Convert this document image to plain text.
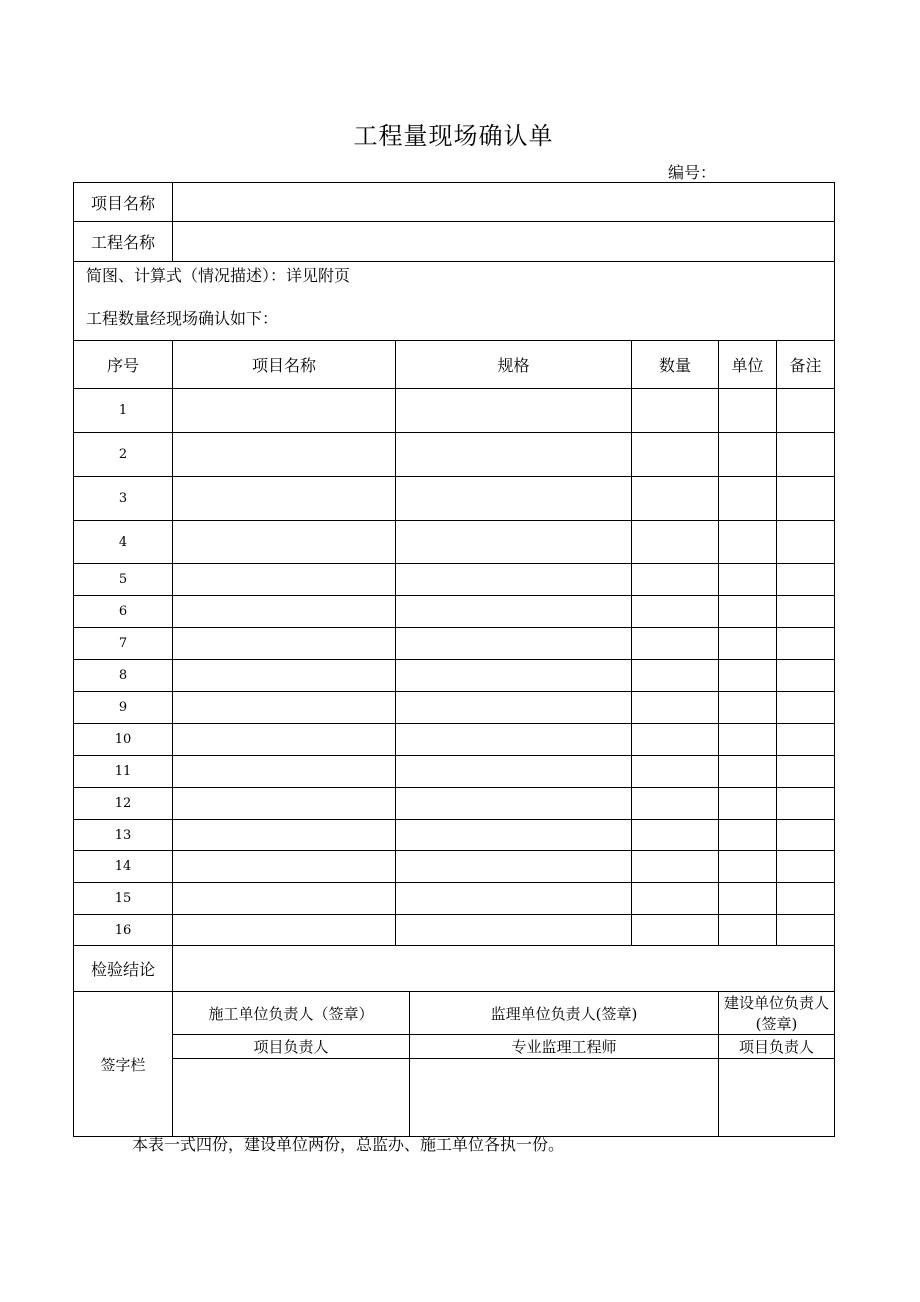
工程量现场确认单
编号：
项目名称						
工程名称						

简图、计算式（情况描述）：详见附页
工程数量经现场确认如下：						

序号	项目名称	规格		数量	单位	备注
1						
2						
3						
4						
5						
6						
7						
8						
9						
10						
11						
12						
13						
14						
15						
16						
检验结论						
签字栏	施工单位负责人（签章）		监理单位负责人(签章)		建设单位负责人(签章)	
	项目负责人		专业监理工程师		项目负责人	

本表一式四份，建设单位两份，总监办、施工单位各执一份。
